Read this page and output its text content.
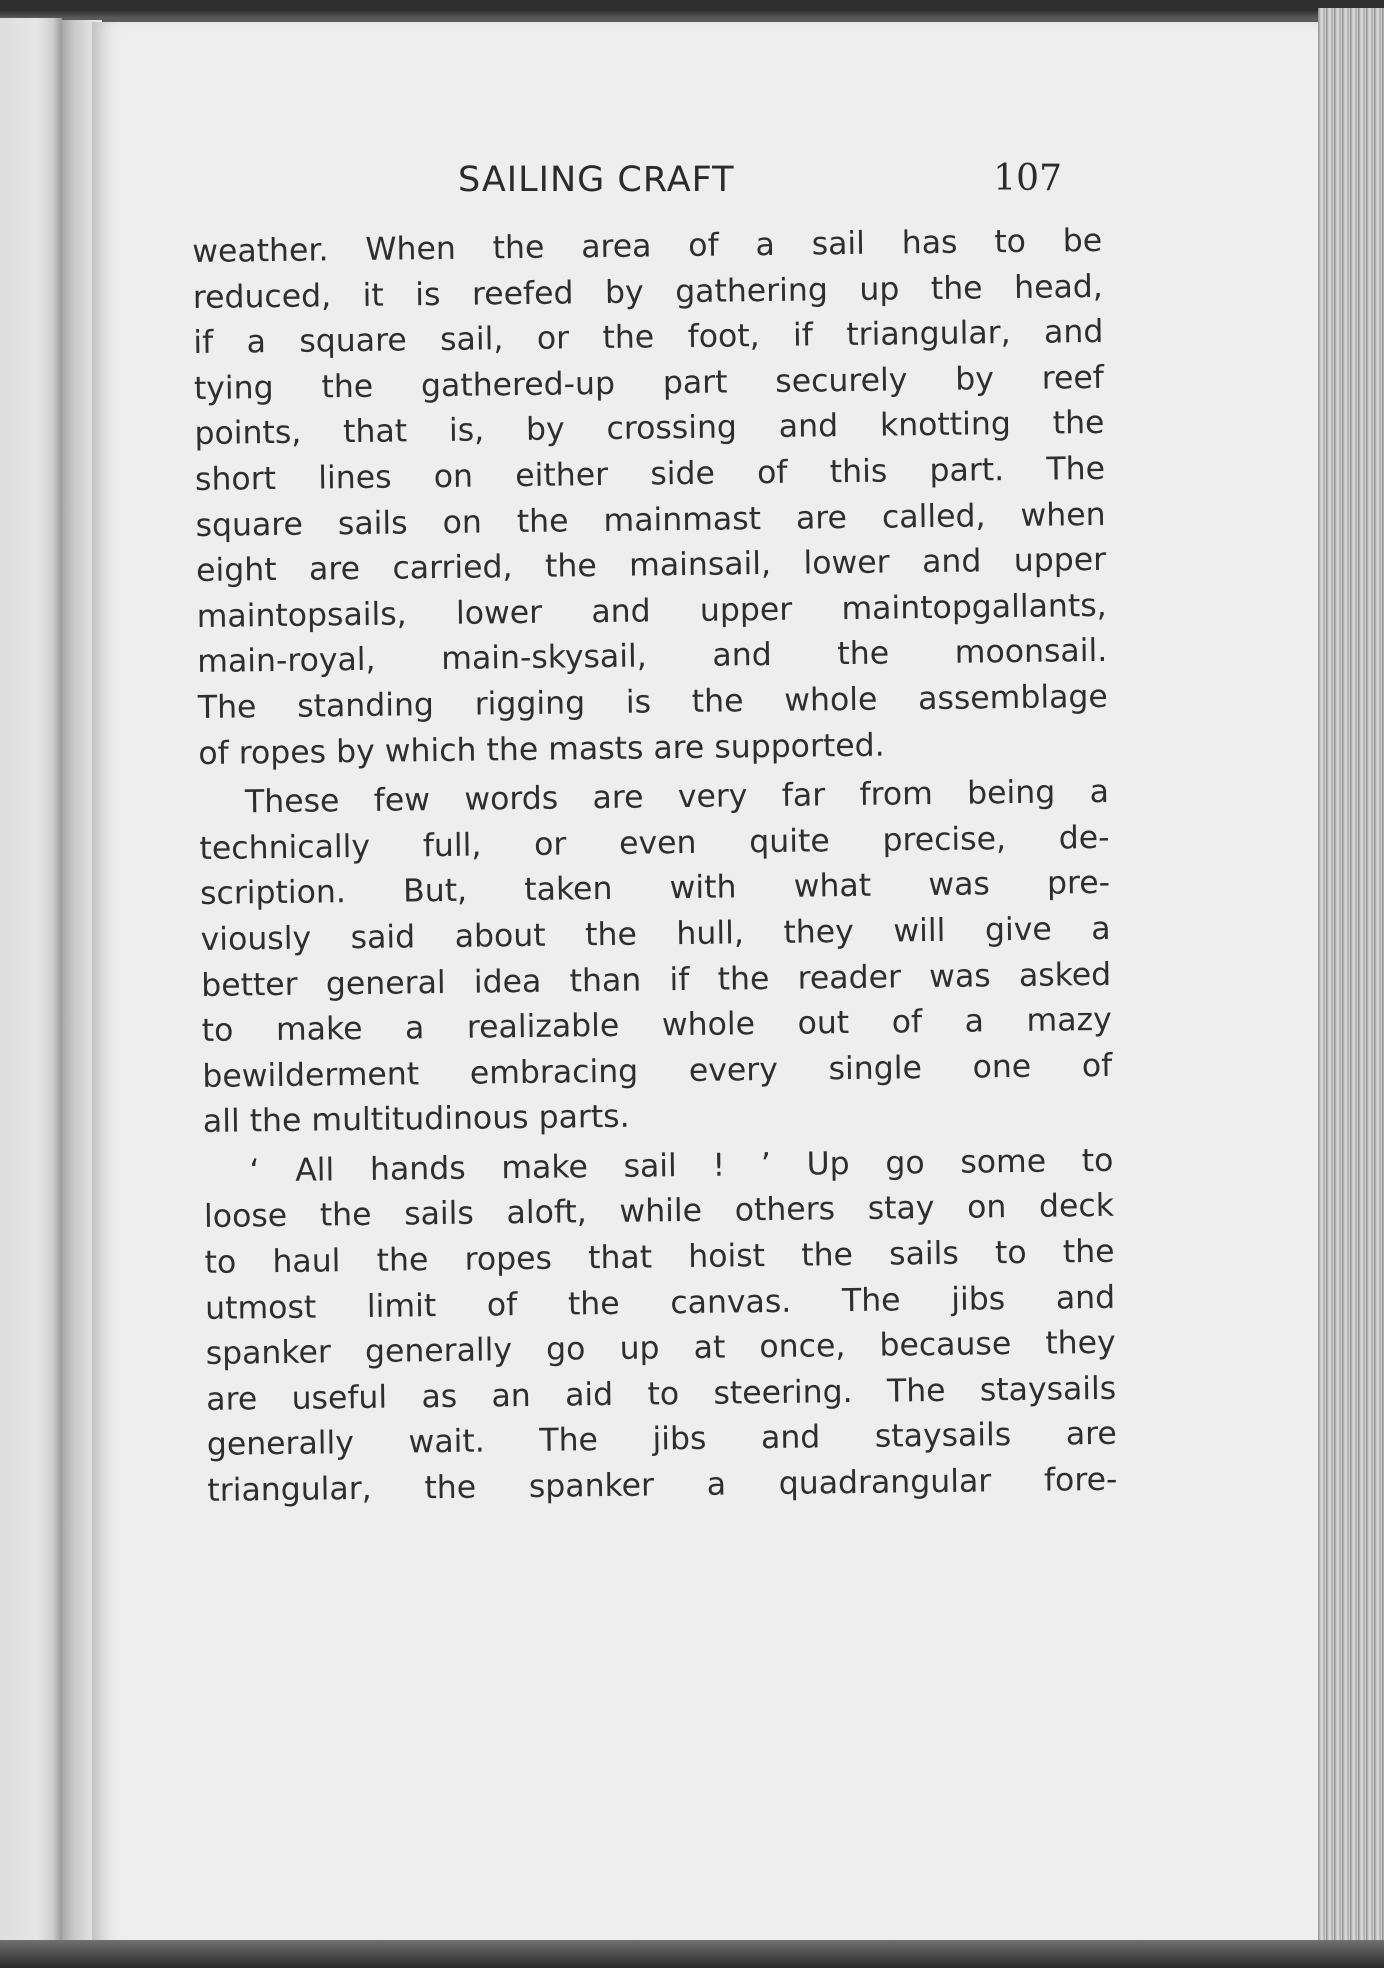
SAILING CRAFT	107
weather. When the area of a sail has to be
reduced, it is reefed by gathering up the head,
if a square sail, or the foot, if triangular, and
tying the gathered-up part securely by reef
points, that is, by crossing and knotting the
short lines on either side of this part. The
square sails on the mainmast are called, when
eight are carried, the mainsail, lower and upper
maintopsails, lower and upper maintopgallants,
main-royal, main-skysail, and the moonsail.
The standing rigging is the whole assemblage
of ropes by which the masts are supported.
These few words are very far from being a
technically full, or even quite precise, de-
scription. But, taken with what was pre-
viously said about the hull, they will give a
better general idea than if the reader was asked
to make a realizable whole out of a mazy
bewilderment embracing every single one of
all the multitudinous parts.
‘ All hands make sail ! ’ Up go some to
loose the sails aloft, while others stay on deck
to haul the ropes that hoist the sails to the
utmost limit of the canvas. The jibs and
spanker generally go up at once, because they
are useful as an aid to steering. The staysails
generally wait. The jibs and staysails are
triangular, the spanker a quadrangular fore-
